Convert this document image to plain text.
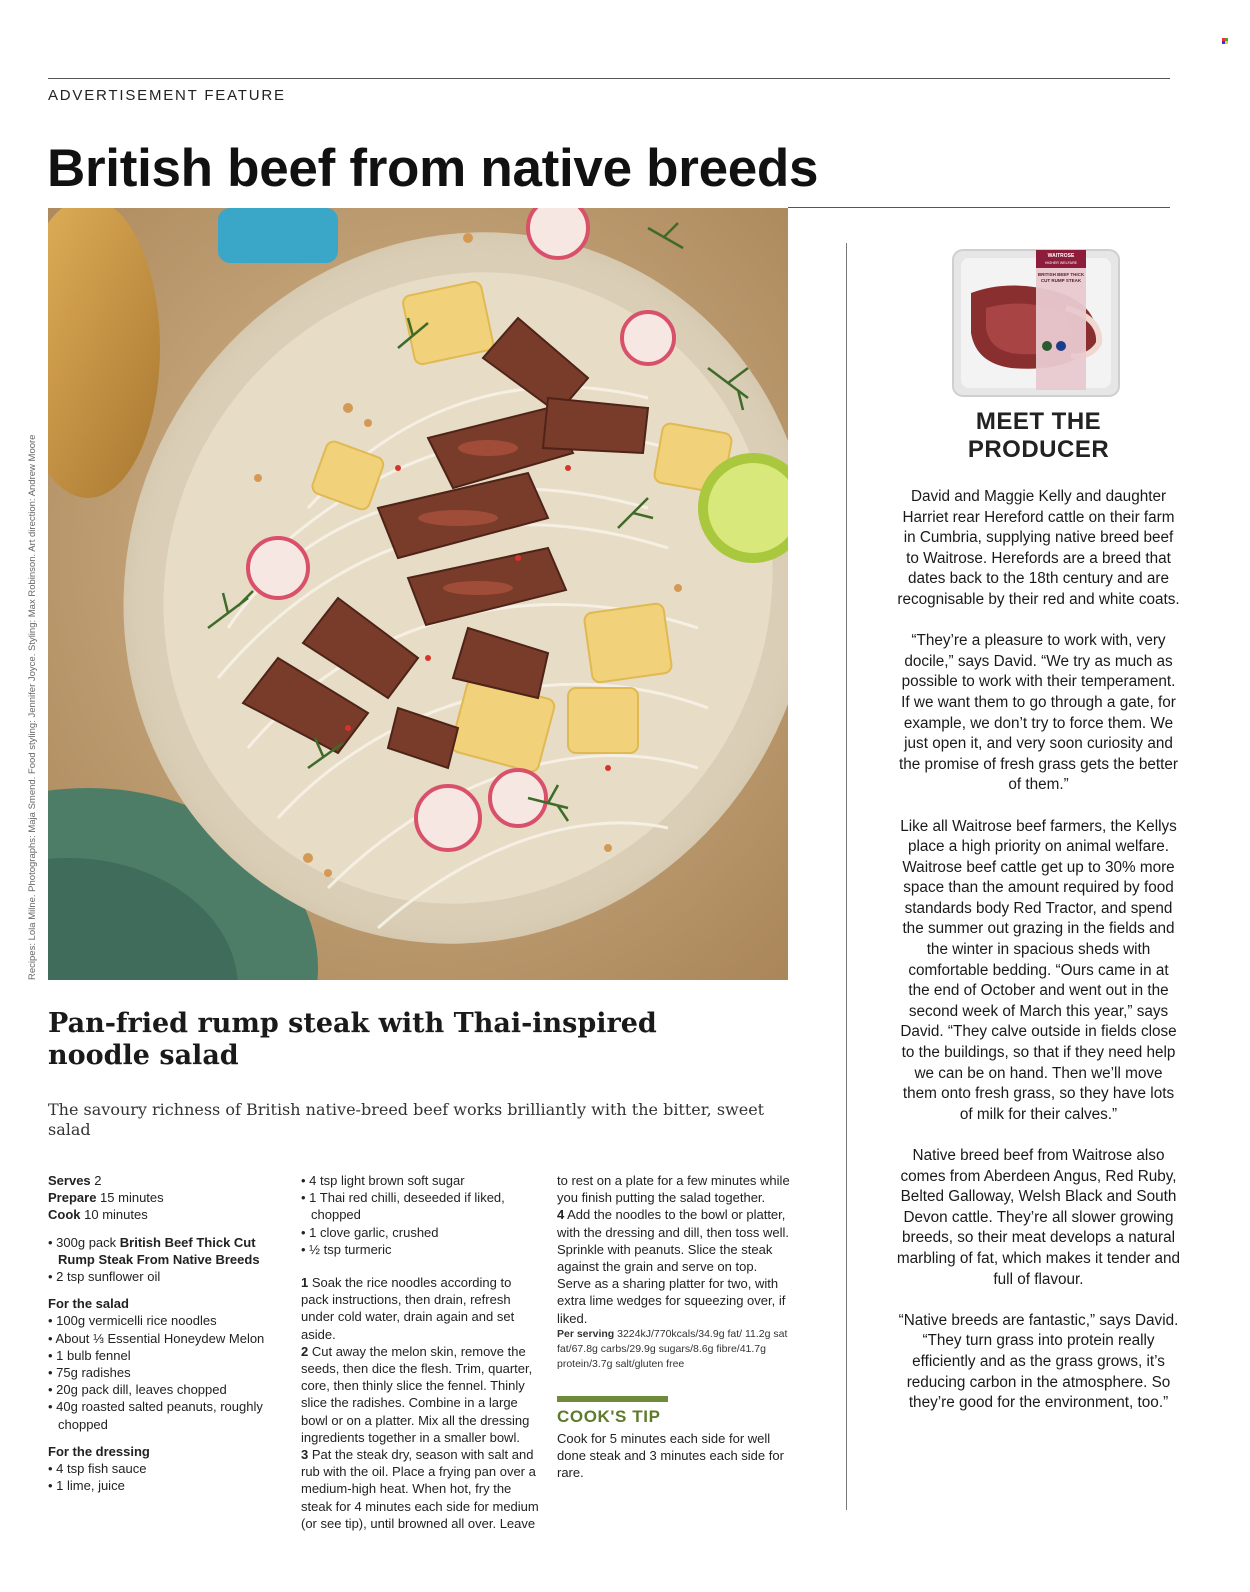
ADVERTISEMENT FEATURE
British beef from native breeds
Recipes: Lola Milne. Photographs: Maja Smend. Food styling: Jennifer Joyce. Styling: Max Robinson. Art direction: Andrew Moore
Pan-fried rump steak with Thai-inspired noodle salad
The savoury richness of British native-breed beef works brilliantly with the bitter, sweet salad

Serves 2

Prepare 15 minutes

Cook 10 minutes

• 300g pack British Beef Thick Cut Rump Steak From Native Breeds

• 2 tsp sunflower oil

For the salad

• 100g vermicelli rice noodles

• About ⅓ Essential Honeydew Melon

• 1 bulb fennel

• 75g radishes

• 20g pack dill, leaves chopped

• 40g roasted salted peanuts, roughly chopped

For the dressing

• 4 tsp fish sauce

• 1 lime, juice

• 4 tsp light brown soft sugar

• 1 Thai red chilli, deseeded if liked, chopped

• 1 clove garlic, crushed

• ½ tsp turmeric

1 Soak the rice noodles according to pack instructions, then drain, refresh under cold water, drain again and set aside.

2 Cut away the melon skin, remove the seeds, then dice the flesh. Trim, quarter, core, then thinly slice the fennel. Thinly slice the radishes. Combine in a large bowl or on a platter. Mix all the dressing ingredients together in a smaller bowl.

3 Pat the steak dry, season with salt and rub with the oil. Place a frying pan over a medium-high heat. When hot, fry the steak for 4 minutes each side for medium (or see tip), until browned all over. Leave

to rest on a plate for a few minutes while you finish putting the salad together.

4 Add the noodles to the bowl or platter, with the dressing and dill, then toss well. Sprinkle with peanuts. Slice the steak against the grain and serve on top. Serve as a sharing platter for two, with extra lime wedges for squeezing over, if liked.

Per serving 3224kJ/770kcals/34.9g fat/ 11.2g sat fat/67.8g carbs/29.9g sugars/8.6g fibre/41.7g protein/3.7g salt/gluten free

COOK'S TIP
Cook for 5 minutes each side for well done steak and 3 minutes each side for rare.
WAITROSE
HIGHER WELFARE
BRITISH BEEF THICK CUT RUMP STEAK
MEET THE
PRODUCER

David and Maggie Kelly and daughter Harriet rear Hereford cattle on their farm in Cumbria, supplying native breed beef to Waitrose. Herefords are a breed that dates back to the 18th century and are recognisable by their red and white coats.

“They’re a pleasure to work with, very docile,” says David. “We try as much as possible to work with their temperament. If we want them to go through a gate, for example, we don’t try to force them. We just open it, and very soon curiosity and the promise of fresh grass gets the better of them.”

Like all Waitrose beef farmers, the Kellys place a high priority on animal welfare. Waitrose beef cattle get up to 30% more space than the amount required by food standards body Red Tractor, and spend the summer out grazing in the fields and the winter in spacious sheds with comfortable bedding. “Ours came in at the end of October and went out in the second week of March this year,” says David. “They calve outside in fields close to the buildings, so that if they need help we can be on hand. Then we’ll move them onto fresh grass, so they have lots of milk for their calves.”

Native breed beef from Waitrose also comes from Aberdeen Angus, Red Ruby, Belted Galloway, Welsh Black and South Devon cattle. They’re all slower growing breeds, so their meat develops a natural marbling of fat, which makes it tender and full of flavour.

“Native breeds are fantastic,” says David. “They turn grass into protein really efficiently and as the grass grows, it’s reducing carbon in the atmosphere. So they’re good for the environment, too.”
